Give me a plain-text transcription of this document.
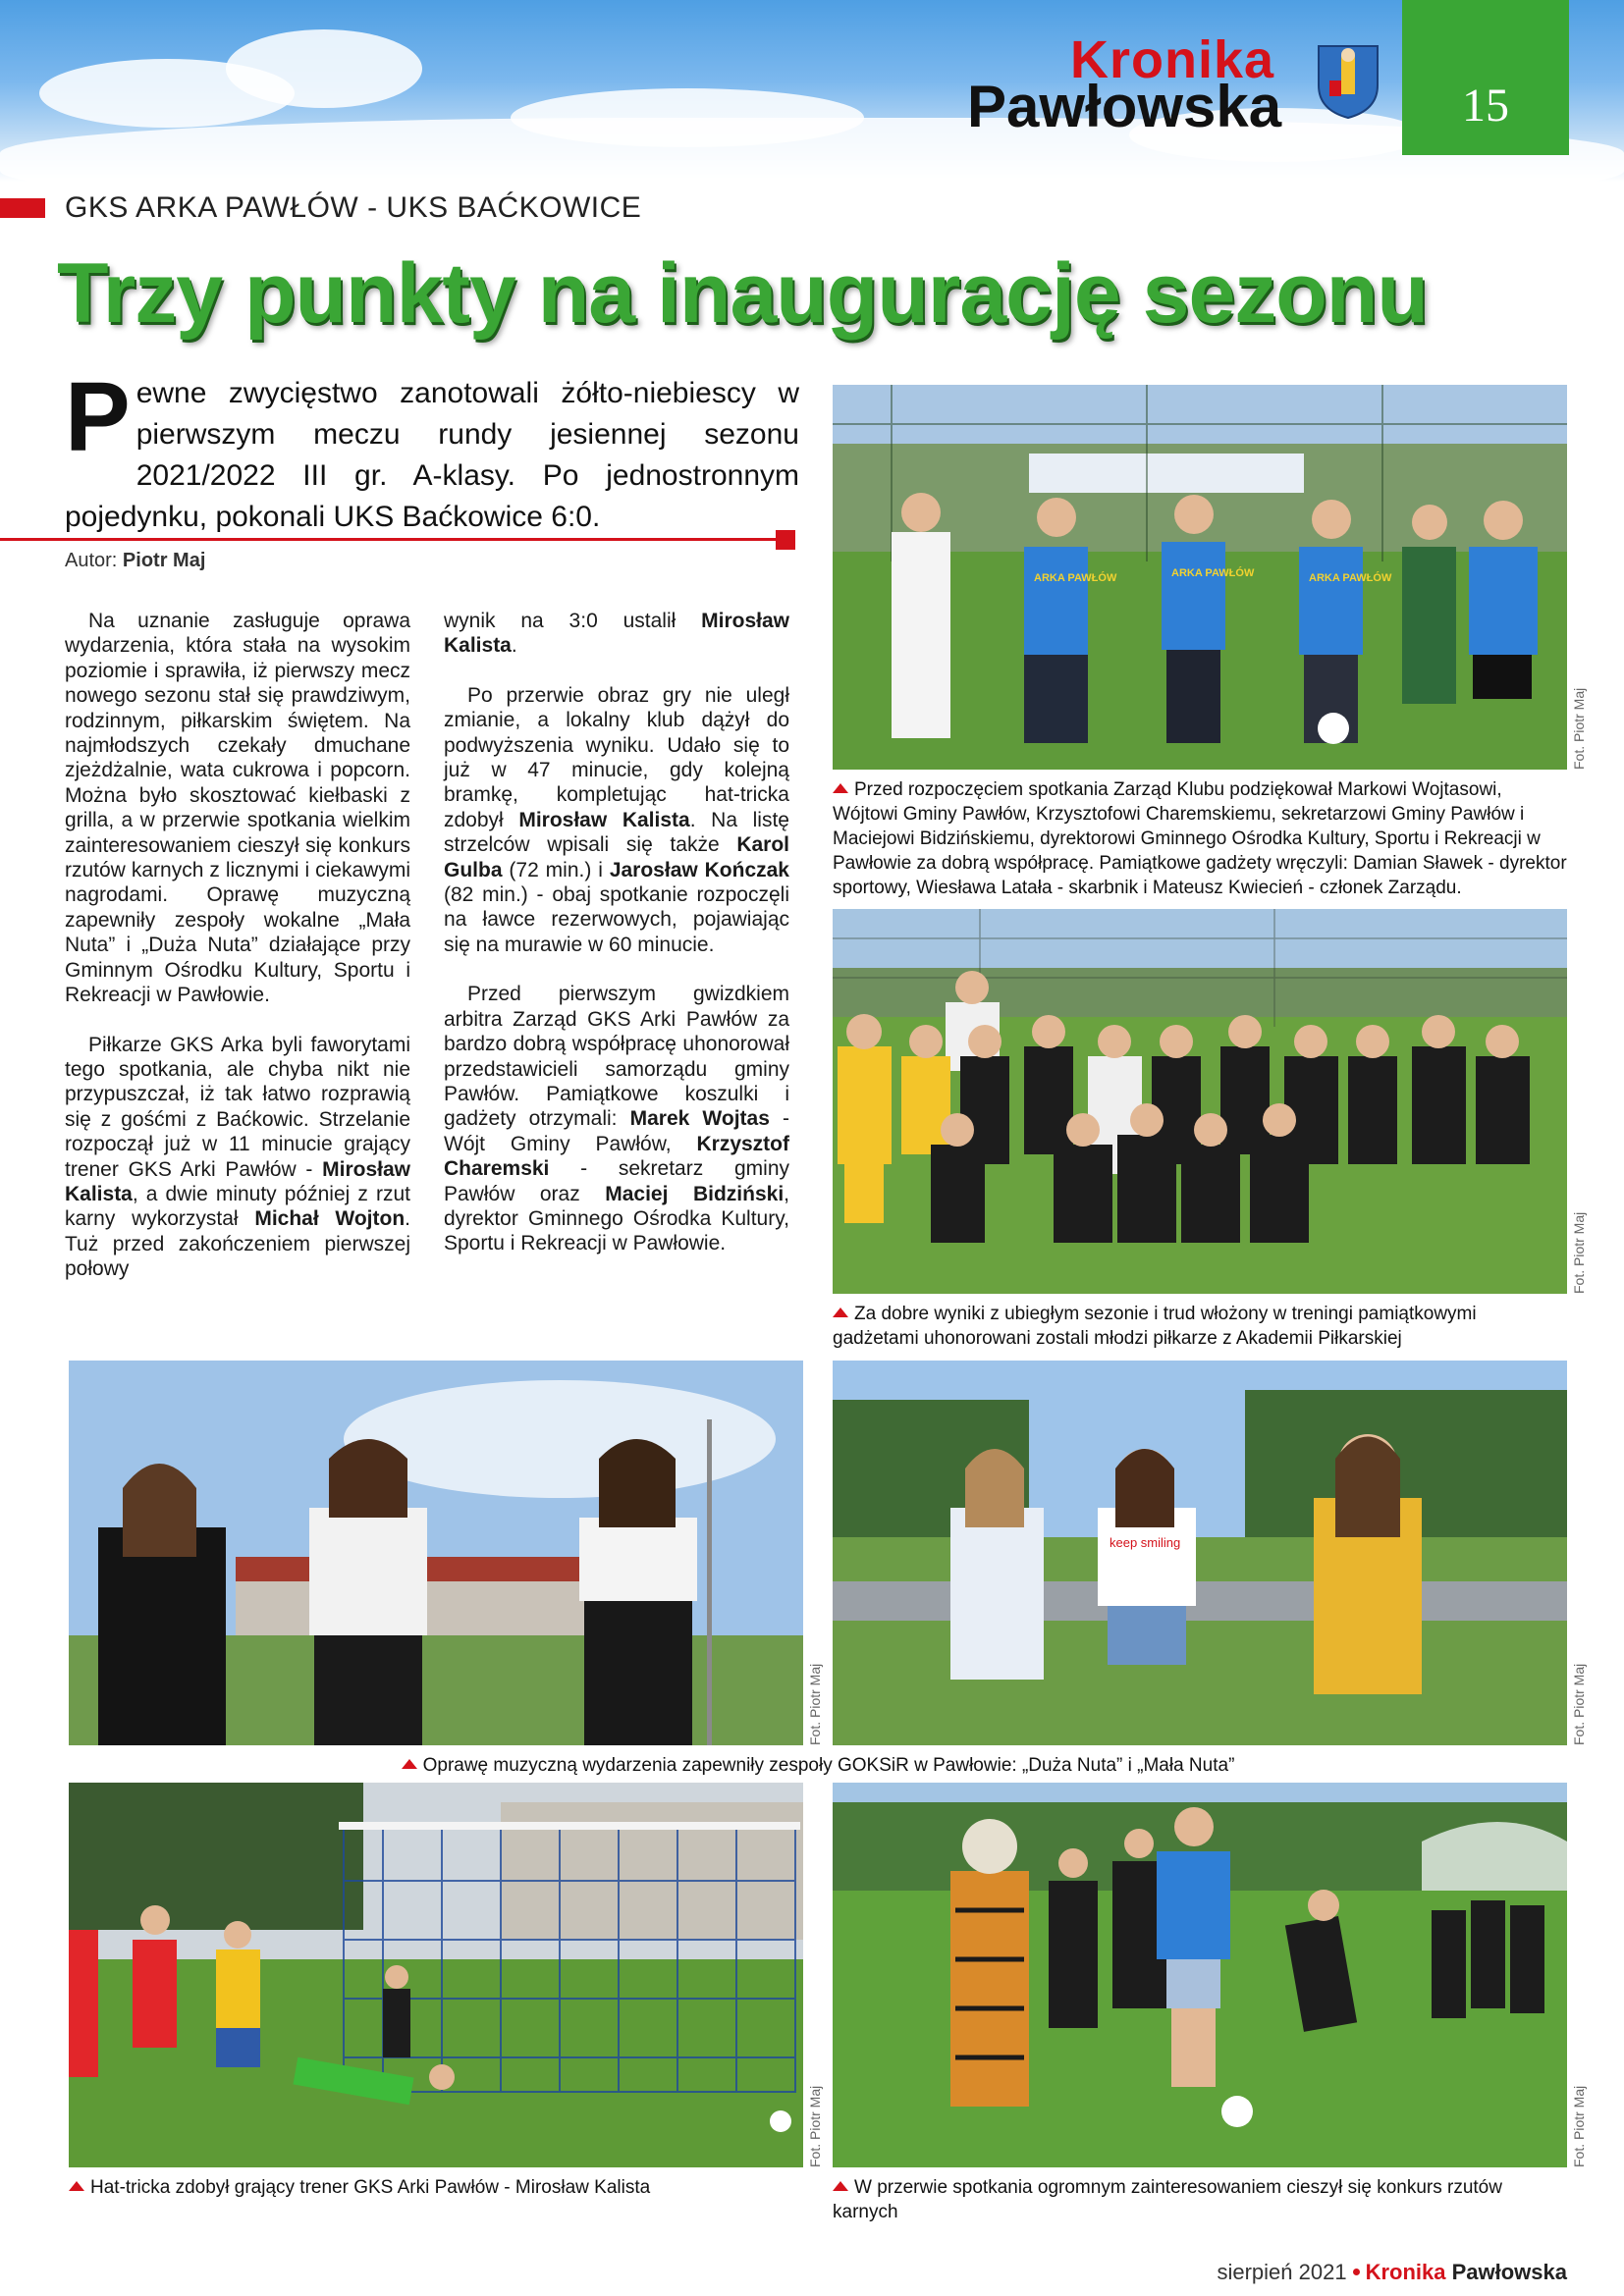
Kronika
Pawłowska	15
GKS ARKA PAWŁÓW - UKS BAĆKOWICE
Trzy punkty na inaugurację sezonu
Pewne zwycięstwo zanotowali żółto-niebiescy w pierwszym meczu rundy jesiennej sezonu 2021/2022 III gr. A-klasy. Po jednostronnym pojedynku, pokonali UKS Baćkowice 6:0.
Autor: Piotr Maj

Na uznanie zasługuje oprawa wydarzenia, która stała na wysokim poziomie i sprawiła, iż pierwszy mecz nowego sezonu stał się prawdziwym, rodzinnym, piłkarskim świętem. Na najmłodszych czekały dmuchane zjeżdżalnie, wata cukrowa i popcorn. Można było skosztować kiełbaski z grilla, a w przerwie spotkania wielkim zainteresowaniem cieszył się konkurs rzutów karnych z licznymi i ciekawymi nagrodami. Oprawę muzyczną zapewniły zespoły wokalne „Mała Nuta” i „Duża Nuta” działające przy Gminnym Ośrodku Kultury, Sportu i Rekreacji w Pawłowie.

Piłkarze GKS Arka byli faworytami tego spotkania, ale chyba nikt nie przypuszczał, iż tak łatwo rozprawią się z gośćmi z Baćkowic. Strzelanie rozpoczął już w 11 minucie grający trener GKS Arki Pawłów - Mirosław Kalista, a dwie minuty później z rzut karny wykorzystał Michał Wojton. Tuż przed zakończeniem pierwszej połowy

wynik na 3:0 ustalił Mirosław Kalista.

Po przerwie obraz gry nie uległ zmianie, a lokalny klub dążył do podwyższenia wyniku. Udało się to już w 47 minucie, gdy kolejną bramkę, kompletując hat-tricka zdobył Mirosław Kalista. Na listę strzelców wpisali się także Karol Gulba (72 min.) i Jarosław Kończak (82 min.) - obaj spotkanie rozpoczęli na ławce rezerwowych, pojawiając się na murawie w 60 minucie.

Przed pierwszym gwizdkiem arbitra Zarząd GKS Arki Pawłów za bardzo dobrą współpracę uhonorował przedstawicieli samorządu gminy Pawłów. Pamiątkowe koszulki i gadżety otrzymali: Marek Wojtas - Wójt Gminy Pawłów, Krzysztof Charemski - sekretarz gminy Pawłów oraz Maciej Bidziński, dyrektor Gminnego Ośrodka Kultury, Sportu i Rekreacji w Pawłowie.

ARKA PAWŁÓW	ARKA PAWŁÓW	ARKA PAWŁÓW
Fot. Piotr Maj
Przed rozpoczęciem spotkania Zarząd Klubu podziękował Markowi Wojtasowi, Wójtowi Gminy Pawłów, Krzysztofowi Charemskiemu, sekretarzowi Gminy Pawłów i Maciejowi Bidzińskiemu, dyrektorowi Gminnego Ośrodka Kultury, Sportu i Rekreacji w Pawłowie za dobrą współpracę. Pamiątkowe gadżety wręczyli: Damian Sławek - dyrektor sportowy, Wiesława Latała - skarbnik i Mateusz Kwiecień - członek Zarządu.
Fot. Piotr Maj
Za dobre wyniki z ubiegłym sezonie i trud włożony w treningi pamiątkowymi gadżetami uhonorowani zostali młodzi piłkarze z Akademii Piłkarskiej
Fot. Piotr Maj
keep smiling
Fot. Piotr Maj
Oprawę muzyczną wydarzenia zapewniły zespoły GOKSiR w Pawłowie: „Duża Nuta” i „Mała Nuta”
Fot. Piotr Maj
Hat-tricka zdobył grający trener GKS Arki Pawłów - Mirosław Kalista
Fot. Piotr Maj
W przerwie spotkania ogromnym zainteresowaniem cieszył się konkurs rzutów karnych
sierpień 2021 Kronika Pawłowska
